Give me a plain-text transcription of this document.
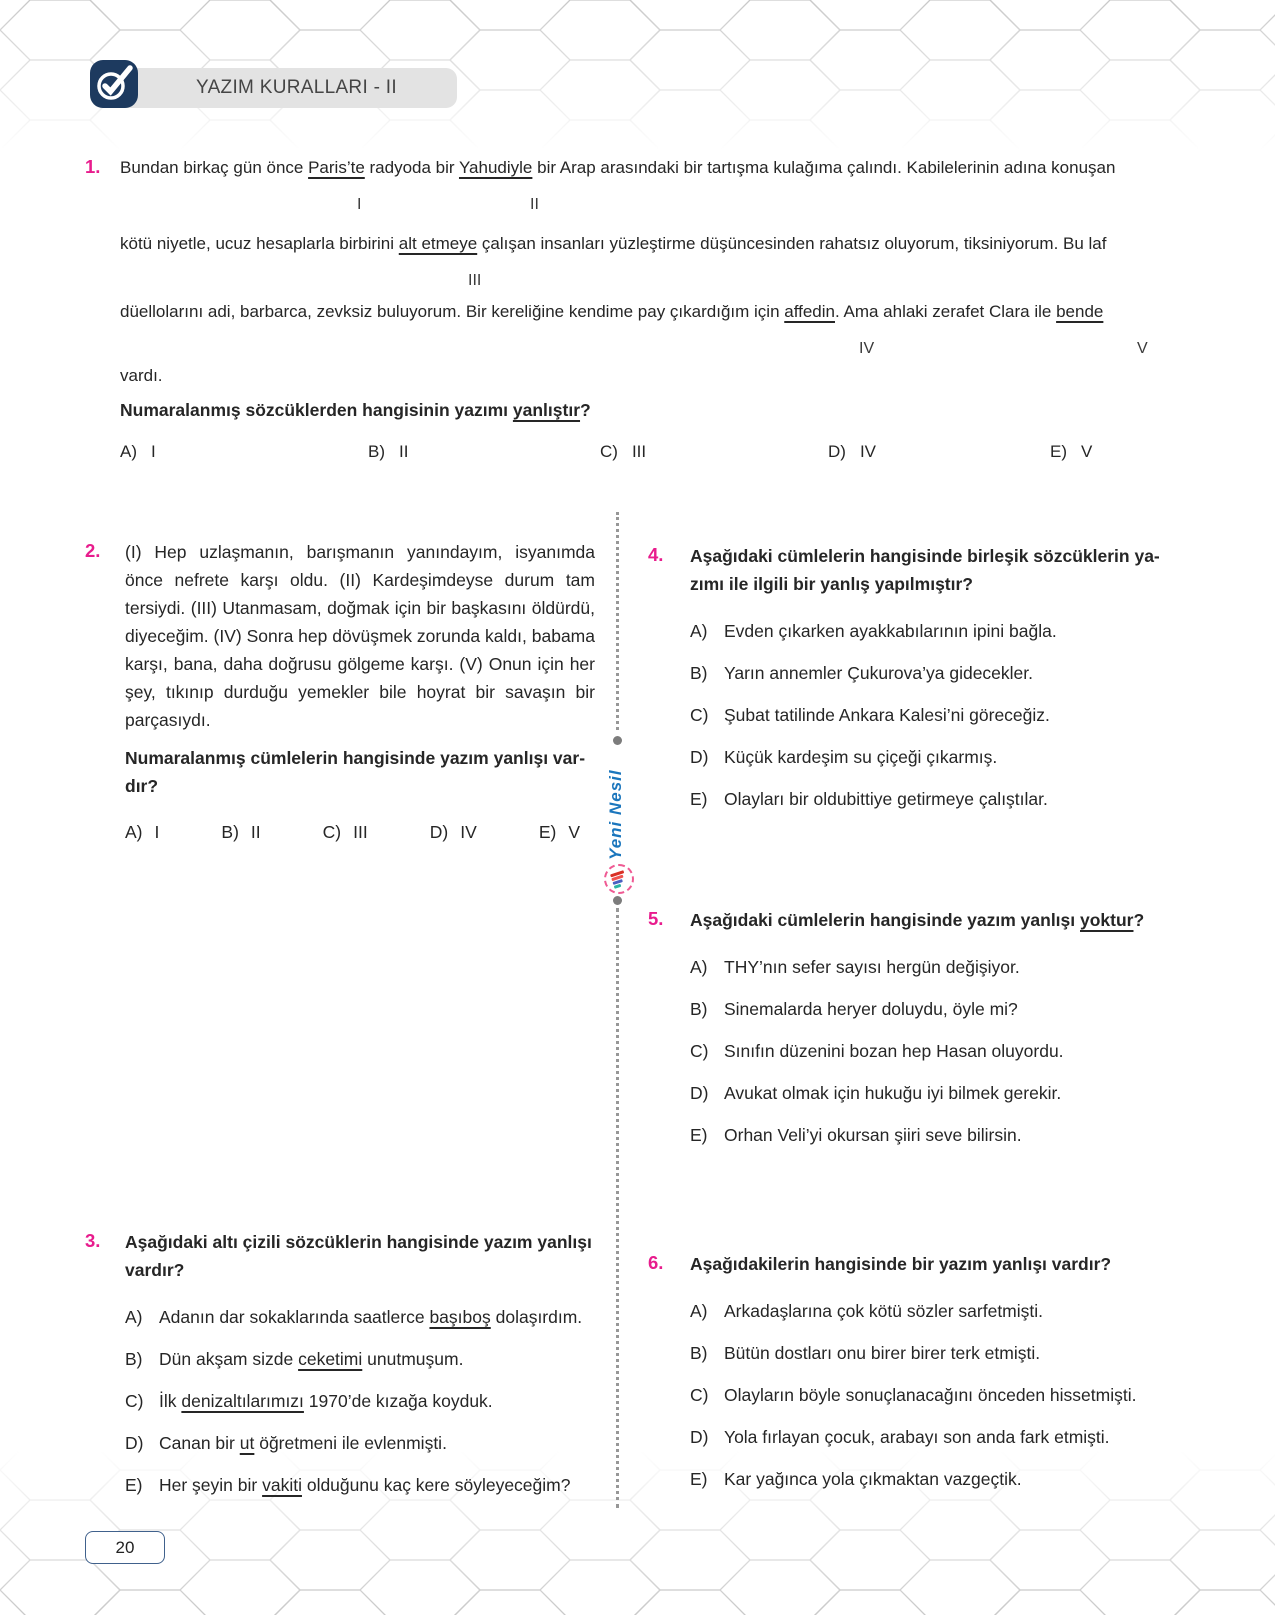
YAZIM KURALLARI - II
1. Bundan birkaç gün önce Paris’te radyoda bir Yahudiyle bir Arap arasındaki bir tartışma kulağıma çalındı. Kabilelerinin adına konuşan
I	II
kötü niyetle, ucuz hesaplarla birbirini alt etmeye çalışan insanları yüzleştirme düşüncesinden rahatsız oluyorum, tiksiniyorum. Bu laf
III
düellolarını adi, barbarca, zevksiz buluyorum. Bir kereliğine kendime pay çıkardığım için affedin. Ama ahlaki zerafet Clara ile bende
IV	V
vardı.
Numaralanmış sözcüklerden hangisinin yazımı yanlıştır?
A) I	B) II	C) III	D) IV	E) V
2. (I) Hep uzlaşmanın, barışmanın yanındayım, isyanımda önce nefrete karşı oldu. (II) Kardeşimdeyse durum tam tersiydi. (III) Utanmasam, doğmak için bir başkasını öldürdü, diyeceğim. (IV) Sonra hep dövüşmek zorunda kaldı, babama karşı, bana, daha doğrusu gölgeme karşı. (V) Onun için her şey, tıkınıp durduğu yemekler bile hoyrat bir savaşın bir parçasıydı.
Numaralanmış cümlelerin hangisinde yazım yanlışı var-
dır?
A) I	B) II	C) III	D) IV	E) V
3. Aşağıdaki altı çizili sözcüklerin hangisinde yazım yanlışı
vardır?
A) Adanın dar sokaklarında saatlerce başıboş dolaşırdım.
B) Dün akşam sizde ceketimi unutmuşum.
C) İlk denizaltılarımızı 1970’de kızağa koyduk.
D) Canan bir ut öğretmeni ile evlenmişti.
E) Her şeyin bir vakiti olduğunu kaç kere söyleyeceğim?
Yeni Nesil
4. Aşağıdaki cümlelerin hangisinde birleşik sözcüklerin ya-
zımı ile ilgili bir yanlış yapılmıştır?
A) Evden çıkarken ayakkabılarının ipini bağla.
B) Yarın annemler Çukurova’ya gidecekler.
C) Şubat tatilinde Ankara Kalesi’ni göreceğiz.
D) Küçük kardeşim su çiçeği çıkarmış.
E) Olayları bir oldubittiye getirmeye çalıştılar.
5. Aşağıdaki cümlelerin hangisinde yazım yanlışı yoktur?
A) THY’nın sefer sayısı hergün değişiyor.
B) Sinemalarda heryer doluydu, öyle mi?
C) Sınıfın düzenini bozan hep Hasan oluyordu.
D) Avukat olmak için hukuğu iyi bilmek gerekir.
E) Orhan Veli’yi okursan şiiri seve bilirsin.
6. Aşağıdakilerin hangisinde bir yazım yanlışı vardır?
A) Arkadaşlarına çok kötü sözler sarfetmişti.
B) Bütün dostları onu birer birer terk etmişti.
C) Olayların böyle sonuçlanacağını önceden hissetmişti.
D) Yola fırlayan çocuk, arabayı son anda fark etmişti.
E) Kar yağınca yola çıkmaktan vazgeçtik.
20
